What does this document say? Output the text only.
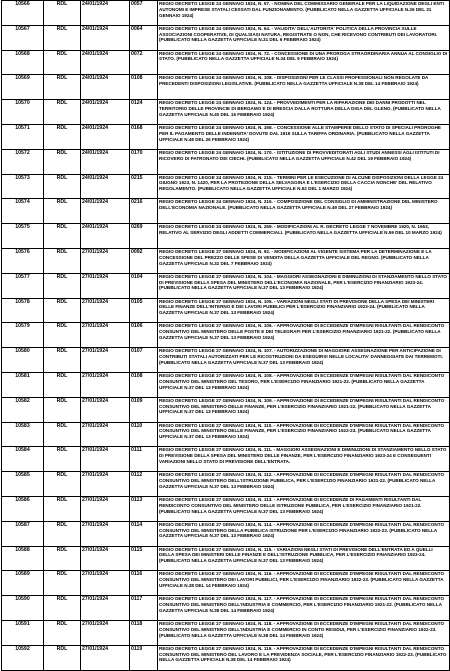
10566	RDL	24/01/1924	0057	REGIO DECRETO LEGGE 24 GENNAIO 1924, N. 57. - NOMINA DEL COMMISSARIO GENERALE PER LA LIQUIDAZIONE DEGLI ENTI AUTONOMI E IMPRESE STATALI CESSATI DAL FUNZIONAMENTO. (PUBBLICATO NELLA GAZZETTA UFFICIALE N.26 DEL 31 GENNAIO 1924)
10567	RDL	24/01/1924	0064	REGIO DECRETO LEGGE 24 GENNAIO 1924, N. 64. - VALIDITA' DELL'AUTORITA' POLITICA DELLA PROVINCIA SULLE ASSOCIAZIONI COOPERATIVE, DI QUALSIASI NATURA, REGISTRATE O NON, CHE RICEVONO CONTRIBUTI DEI LAVORATORI. (PUBBLICATO NELLA GAZZETTA UFFICIALE N.31 DEL 6 FEBBRAIO 1924)
10568	RDL	24/01/1924	0072	REGIO DECRETO LEGGE 24 GENNAIO 1924, N. 72. - CONCESSIONE DI UNA PROROGA STRAORDINARIA ANNUA AL CONSIGLIO DI STATO. (PUBBLICATO NELLA GAZZETTA UFFICIALE N.34 DEL 9 FEBBRAIO 1924)
10569	RDL	24/01/1924	0108	REGIO DECRETO LEGGE 24 GENNAIO 1924, N. 108. - DISPOSIZIONI PER LE CLASSI PROFESSIONALI NON REGOLATE DA PRECEDENTI DISPOSIZIONI LEGISLATIVE. (PUBBLICATO NELLA GAZZETTA UFFICIALE N.38 DEL 14 FEBBRAIO 1924)
10570	RDL	24/01/1924	0124	REGIO DECRETO LEGGE 24 GENNAIO 1924, N. 124. - PROVVEDIMENTI PER LA RIPARAZIONE DEI DANNI PRODOTTI NEL TERRITORIO DELLE PROVINCIE DI BERGAMO E DI BRESCIA DALLA ROTTURA DELLA DIGA DEL GLENO. (PUBBLICATO NELLA GAZZETTA UFFICIALE N.40 DEL 16 FEBBRAIO 1924)
10571	RDL	24/01/1924	0168	REGIO DECRETO LEGGE 24 GENNAIO 1924, N. 168. - CONCESSIONE ALLE STAMPERIE DELLO STATO DI SPECIALI PROROGHE PER IL PAGAMENTO DELLE INDENNITA' DOVUTE DAL 1919 SULLA TARIFFA ORDINARIA. (PUBBLICATO NELLA GAZZETTA UFFICIALE N.48 DEL 26 FEBBRAIO 1924)
10572	RDL	24/01/1924	0170	REGIO DECRETO LEGGE 24 GENNAIO 1924, N. 170. - ISTITUZIONE DI PROVVEDITORATI AGLI STUDI ANNESSI AGLI ISTITUTI DI RICOVERO DI PATRONATO DEI CIECHI. (PUBBLICATO NELLA GAZZETTA UFFICIALE N.42 DEL 19 FEBBRAIO 1924)
10573	RDL	24/01/1924	0215	REGIO DECRETO LEGGE 24 GENNAIO 1924, N. 215. - TERMINI PER LE ESECUZIONE DI ALCUNE DISPOSIZIONI DELLA LEGGE 24 GIUGNO 1923, N. 1420, PER LA PROTEZIONE DELLA SELVAGGINA E L'ESERCIZIO DELLA CACCIA NONCHE' DEL RELATIVO REGOLAMENTO. (PUBBLICATO NELLA GAZZETTA UFFICIALE N.52 DEL 1 MARZO 1924)
10574	RDL	24/01/1924	0216	REGIO DECRETO LEGGE 24 GENNAIO 1924, N. 216. - COMPOSIZIONE DEL CONSIGLIO DI AMMINISTRAZIONE DEL MINISTERO DELL'ECONOMIA NAZIONALE. (PUBBLICATO NELLA GAZZETTA UFFICIALE N.49 DEL 27 FEBBRAIO 1924)
10575	RDL	24/01/1924	0269	REGIO DECRETO LEGGE 24 GENNAIO 1924, N. 269. - MODIFICAZIONI AL R. DECRETO LEGGE 7 NOVEMBRE 1920, N. 1663, RELATIVO AL SERVIZIO DEGLI ADDETTI COMMERCIALI. (PUBBLICATO NELLA GAZZETTA UFFICIALE N.59 DEL 10 MARZO 1924)
10576	RDL	27/01/1924	0092	REGIO DECRETO LEGGE 27 GENNAIO 1924, N. 92. - MODIFICAZIONI AL VIGENTE SISTEMA PER LA DETERMINAZIONE E LA CONCESSIONE DEL PREZZO DELLE SPESE DI VENDITA DELLA GAZZETTA UFFICIALE DEL REGNO. (PUBBLICATO NELLA GAZZETTA UFFICIALE N.32 DEL 7 FEBBRAIO 1924)
10577	RDL	27/01/1924	0104	REGIO DECRETO LEGGE 27 GENNAIO 1924, N. 104. - MAGGIORI ASSEGNAZIONI E DIMINUZIONI DI STANZIAMENTO NELLO STATO DI PREVISIONE DELLA SPESA DEL MINISTERO DELL'ECONOMIA NAZIONALE, PER L'ESERCIZIO FINANZIARIO 1923-24. (PUBBLICATO NELLA GAZZETTA UFFICIALE N.37 DEL 13 FEBBRAIO 1924)
10578	RDL	27/01/1924	0105	REGIO DECRETO LEGGE 27 GENNAIO 1924, N. 105. - VARIAZIONI NEGLI STATI DI PREVISIONE DELLA SPESA DEI MINISTERI DELLE FINANZE DELL'INTERNO E DEI LAVORI PUBBLICI PER L'ESERCIZIO FINANZIARIO 1923-24. (PUBBLICATO NELLA GAZZETTA UFFICIALE N.37 DEL 13 FEBBRAIO 1924)
10579	RDL	27/01/1924	0106	REGIO DECRETO LEGGE 27 GENNAIO 1924, N. 106. - APPROVAZIONE DI ECCEDENZE D'IMPEGNI RISULTANTI DAL RENDICONTO CONSUNTIVO DEL MINISTERO DELLE POSTE E DEI TELEGRAFI PER L'ESERCIZIO FINANZIARIO 1921-22. (PUBBLICATO NELLA GAZZETTA UFFICIALE N.37 DEL 13 FEBBRAIO 1924)
10580	RDL	27/01/1924	0107	REGIO DECRETO LEGGE 27 GENNAIO 1924, N. 107. - AUTORIZZAZIONE DI MAGGIORE ASSEGNAZIONE PER ANTICIPAZIONE DI CONTRIBUTI STATALI AUTORIZZATI PER LE RICOSTRUZIONI DA ESEGUIRSI NELLE LOCALITA' DANNEGGIATE DAI TERREMOTI. (PUBBLICATO NELLA GAZZETTA UFFICIALE N.37 DEL 13 FEBBRAIO 1924)
10581	RDL	27/01/1924	0108	REGIO DECRETO LEGGE 27 GENNAIO 1924, N. 108. - APPROVAZIONE DI ECCEDENZE D'IMPEGNI RISULTANTI DAL RENDICONTO CONSUNTIVO DEL MINISTERO DEL TESORO, PER L'ESERCIZIO FINANZIARIO 1921-22. (PUBBLICATO NELLA GAZZETTA UFFICIALE N.37 DEL 13 FEBBRAIO 1924)
10582	RDL	27/01/1924	0109	REGIO DECRETO LEGGE 27 GENNAIO 1924, N. 109. - APPROVAZIONE DI ECCEDENZE D'IMPEGNI RISULTANTI DAL RENDICONTO CONSUNTIVO DEL MINISTERO DELLE FINANZE, PER L'ESERCIZIO FINANZIARIO 1921-22. (PUBBLICATO NELLA GAZZETTA UFFICIALE N.37 DEL 13 FEBBRAIO 1924)
10583	RDL	27/01/1924	0110	REGIO DECRETO LEGGE 27 GENNAIO 1924, N. 110. - APPROVAZIONE DI ECCEDENZE D'IMPEGNI RISULTANTI DAL RENDICONTO CONSUNTIVO DEL MINISTERO DELLE FINANZE, PER L'ESERCIZIO FINANZIARIO 1922-23. (PUBBLICATO NELLA GAZZETTA UFFICIALE N.37 DEL 13 FEBBRAIO 1924)
10584	RDL	27/01/1924	0111	REGIO DECRETO LEGGE 27 GENNAIO 1924, N. 111. - MAGGIORI ASSEGNAZIONI E DIMINUZIONI DI STANZIAMENTO NELLO STATO DI PREVISIONE DELLA SPESA DEL MINISTERO DELLE FINANZE, PER L'ESERCIZIO FINANZIARIO 1923-24 E CONSEGUENTI VARIAZIONI NELLO STATO DI PREVISIONE DELL'ENTRATA.
10585	RDL	27/01/1924	0112	REGIO DECRETO LEGGE 27 GENNAIO 1924, N. 112. - APPROVAZIONE DI ECCEDENZE D'IMPEGNI RISULTANTI DAL RENDICONTO CONSUNTIVO DEL MINISTERO DELL'ISTRUZIONE PUBBLICA, PER L'ESERCIZIO FINANZIARIO 1921-22. (PUBBLICATO NELLA GAZZETTA UFFICIALE N.37 DEL 13 FEBBRAIO 1924)
10586	RDL	27/01/1924	0113	REGIO DECRETO LEGGE 27 GENNAIO 1924, N. 113. - APPROVAZIONE DI ECCEDENZE DI PAGAMENTI RISULTANTI DAL RENDICONTO CONSUNTIVO DEL MINISTERO DELLE ISTRUZIONE PUBBLICA, PER L'ESERCIZIO FINANZIARIO 1921-22. (PUBBLICATO NELLA GAZZETTA UFFICIALE N.37 DEL 13 FEBBRAIO 1924)
10587	RDL	27/01/1924	0114	REGIO DECRETO LEGGE 27 GENNAIO 1924, N. 114. - APPROVAZIONE DI ECCEDENZE D'IMPEGNI RISULTANTI DAL RENDICONTO CONSUNTIVO DEL MINISTERO DELLA PUBBLICA ISTRUZIONE PER L'ESERCIZIO FINANZIARIO 1922-23. (PUBBLICATO NELLA GAZZETTA UFFICIALE N.37 DEL 13 FEBBRAIO 1924)
10588	RDL	27/01/1924	0115	REGIO DECRETO LEGGE 27 GENNAIO 1924, N. 115. - VARIAZIONI NEGLI STATI DI PREVISIONE DELL'ENTRATA ED A QUELLI DELLA SPESA DEI MINISTERI DELLE FINANZE E DELL'ISTRUZIONE PUBBLICA, PER L'ESERCIZIO FINANZIARIO 1923-24. (PUBBLICATO NELLA GAZZETTA UFFICIALE N.37 DEL 13 FEBBRAIO 1924)
10589	RDL	27/01/1924	0116	REGIO DECRETO LEGGE 27 GENNAIO 1924, N. 116. - APPROVAZIONE DI ECCEDENZE D'IMPEGNI RISULTANTI DAL RENDICONTO CONSUNTIVO DEL MINISTERO DEI LAVORI PUBBLICI, PER L'ESERCIZIO FINANZIARIO 1922-23. (PUBBLICATO NELLA GAZZETTA UFFICIALE N.38 DEL 14 FEBBRAIO 1924)
10590	RDL	27/01/1924	0117	REGIO DECRETO LEGGE 27 GENNAIO 1924, N. 117. - APPROVAZIONE DI ECCEDENZE D'IMPEGNI RISULTANTI DAL RENDICONTO CONSUNTIVO DEL MINISTERO DELL'INDUSTRIA E COMMERCIO, PER L'ESERCIZIO FINANZIARIO 1921-22. (PUBBLICATO NELLA GAZZETTA UFFICIALE N.38 DEL 14 FEBBRAIO 1924)
10591	RDL	27/01/1924	0118	REGIO DECRETO LEGGE 27 GENNAIO 1924, N. 118. - APPROVAZIONE DI ECCEDENZE D'IMPEGNI RISULTANTI DAL RENDICONTO CONSUNTIVO DEL MINISTERO DELL'INDUSTRIA E COMMERCIO IN CONTO RESIDUI, PER L'ESERCIZIO FINANZIARIO 1922-23. (PUBBLICATO NELLA GAZZETTA UFFICIALE N.38 DEL 14 FEBBRAIO 1924)
10592	RDL	27/01/1924	0119	REGIO DECRETO LEGGE 27 GENNAIO 1924, N. 119. - APPROVAZIONE DI ECCEDENZE D'IMPEGNI RISULTANTI DAL RENDICONTO CONSUNTIVO DEL MINISTERO DEL LAVORO E LA PREVIDENZA SOCIALE, PER L'ESERCIZIO FINANZIARIO 1922-23. (PUBBLICATO NELLA GAZZETTA UFFICIALE N.38 DEL 14 FEBBRAIO 1924)
